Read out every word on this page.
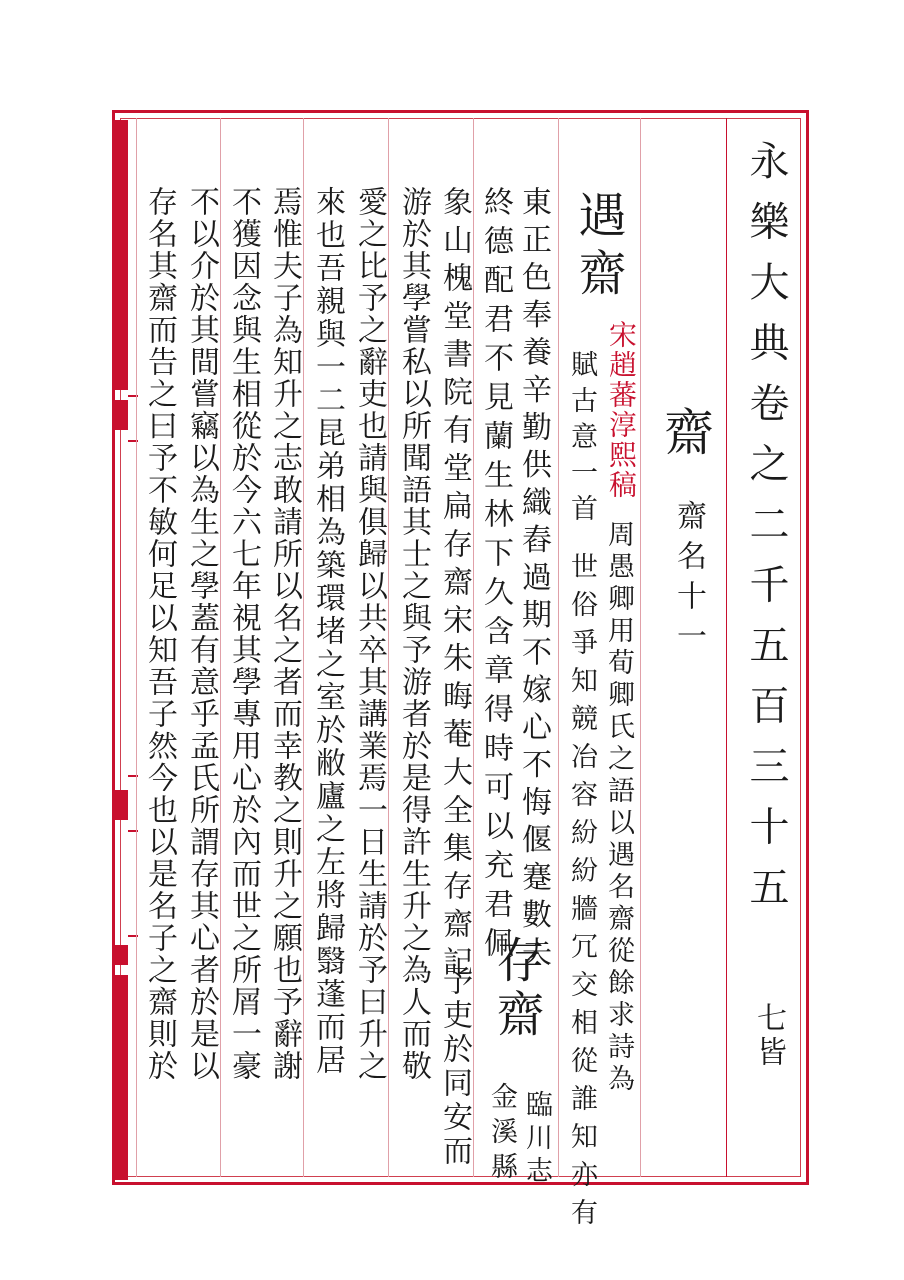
永樂大典卷之二千五百三十五
七皆
齋
齋名十一
遇齋
宋趙蕃淳熙稿
周愚卿用荀卿氏之語以遇名齋從餘求詩為
賦古意一首
世俗爭知競冶容紛紛牆冗交相從誰知亦有
東正色奉養辛勤供織舂過期不嫁心不悔偃蹇數夫
終德配君不見蘭生林下久含章得時可以充君佩
存齋
臨川志
象山槐堂書院有堂扁存齋宋朱晦菴大全集存齋記
金溪縣
游於其學嘗私以所聞語其士之與予游者於是得許生升之為人而敬 予吏於同安而
愛之比予之辭吏也請與俱歸以共卒其講業焉一日生請於予曰升之
來也吾親與一二昆弟相為築環堵之室於敝廬之左將歸翳蓬而居
焉惟夫子為知升之志敢請所以名之者而幸教之則升之願也予辭謝
不獲因念與生相從於今六七年視其學專用心於內而世之所屑一豪
不以介於其間嘗竊以為生之學蓋有意乎孟氏所謂存其心者於是以
存名其齋而告之曰予不敏何足以知吾子然今也以是名子之齋則於
